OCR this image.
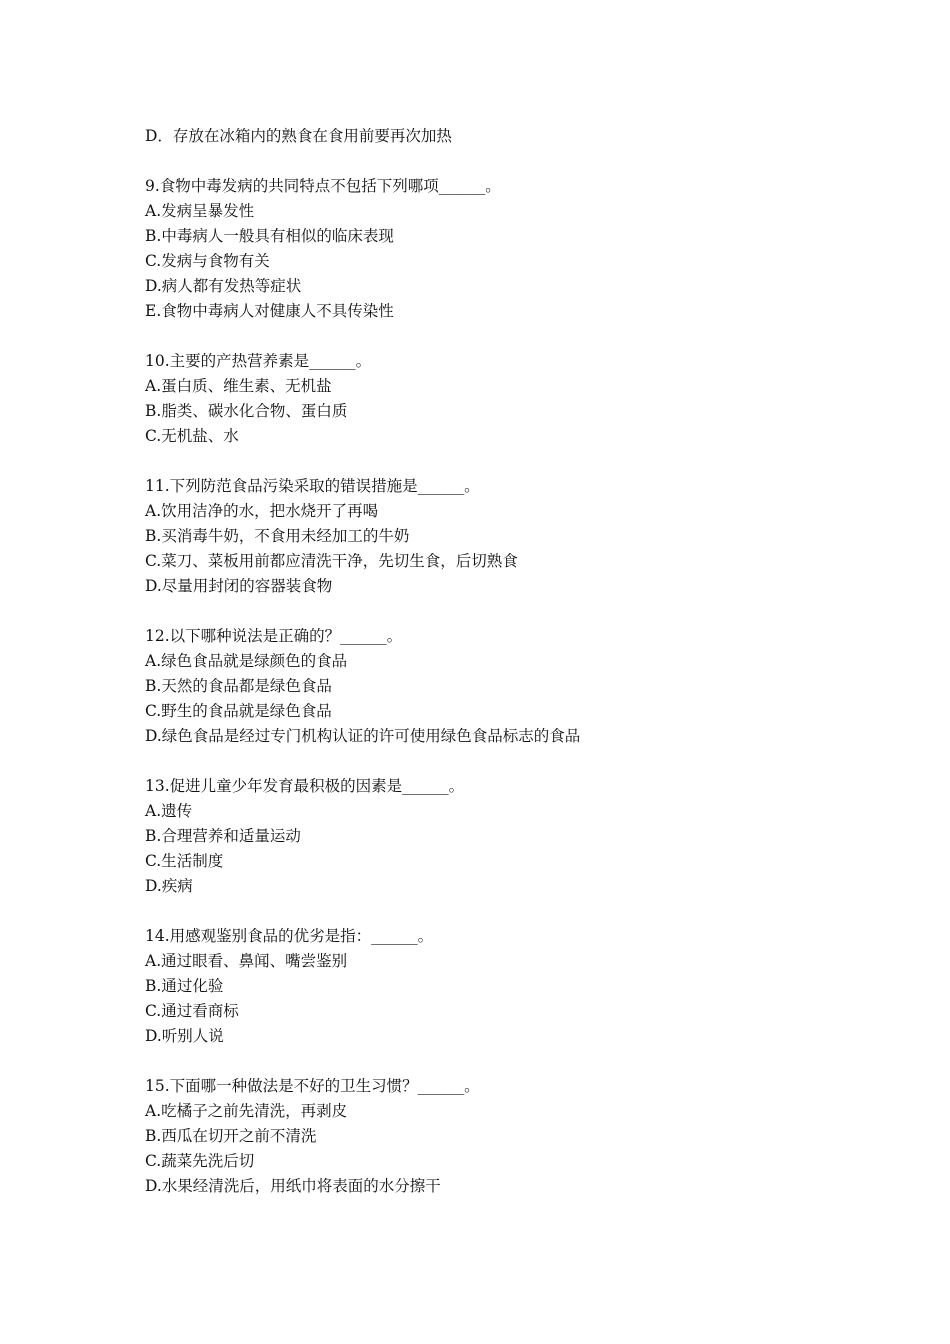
D．存放在冰箱内的熟食在食用前要再次加热
9.食物中毒发病的共同特点不包括下列哪项______。
A.发病呈暴发性
B.中毒病人一般具有相似的临床表现
C.发病与食物有关
D.病人都有发热等症状
E.食物中毒病人对健康人不具传染性
10.主要的产热营养素是______。
A.蛋白质、维生素、无机盐
B.脂类、碳水化合物、蛋白质
C.无机盐、水
11.下列防范食品污染采取的错误措施是______。
A.饮用洁净的水，把水烧开了再喝
B.买消毒牛奶，不食用未经加工的牛奶
C.菜刀、菜板用前都应清洗干净，先切生食，后切熟食
D.尽量用封闭的容器装食物
12.以下哪种说法是正确的？______。
A.绿色食品就是绿颜色的食品
B.天然的食品都是绿色食品
C.野生的食品就是绿色食品
D.绿色食品是经过专门机构认证的许可使用绿色食品标志的食品
13.促进儿童少年发育最积极的因素是______。
A.遗传
B.合理营养和适量运动
C.生活制度
D.疾病
14.用感观鉴别食品的优劣是指：______。
A.通过眼看、鼻闻、嘴尝鉴别
B.通过化验
C.通过看商标
D.听别人说
15.下面哪一种做法是不好的卫生习惯？______。
A.吃橘子之前先清洗，再剥皮
B.西瓜在切开之前不清洗
C.蔬菜先洗后切
D.水果经清洗后，用纸巾将表面的水分擦干
